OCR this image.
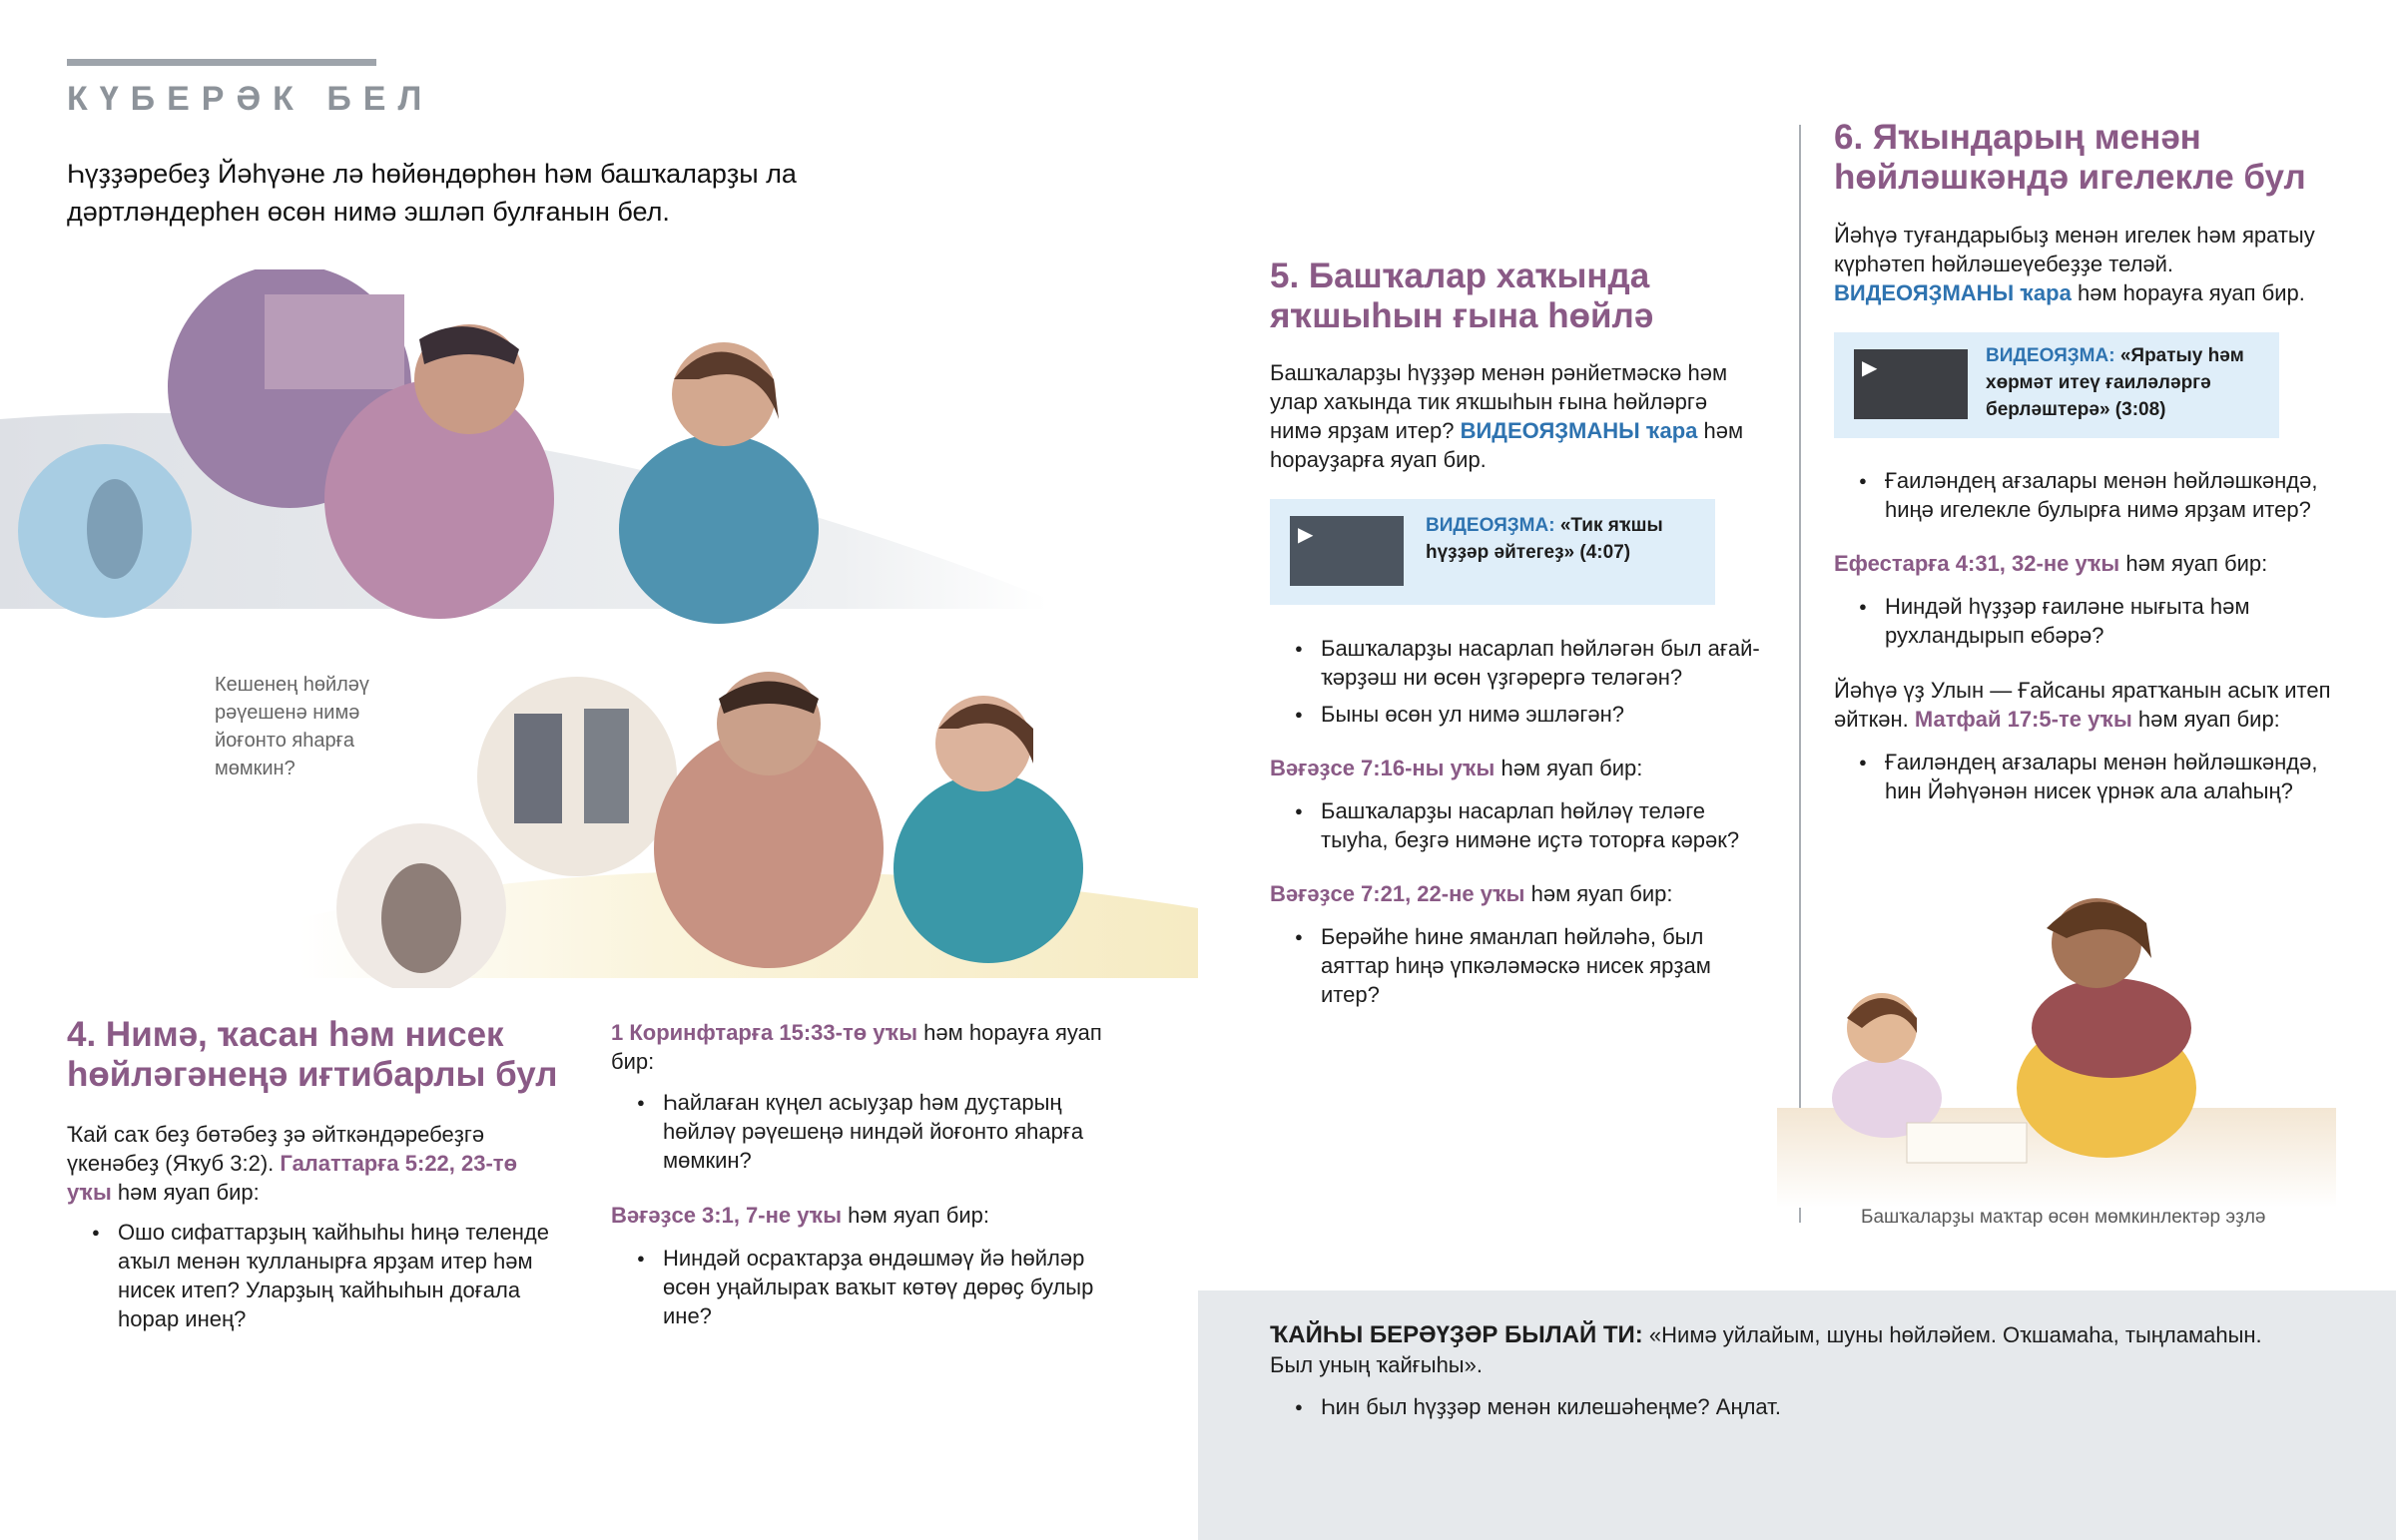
КҮБЕРӘК БЕЛ
Һүҙҙәребеҙ Йәһүәне лә һөйөндөрһөн һәм башҡаларҙы ла дәртләндерһен өсөн нимә эшләп булғанын бел.
Кешенең һөйләү рәүешенә нимә йоғонто яһарға мөмкин?
4. Нимә, ҡасан һәм нисек һөйләгәнеңә иғтибарлы бул
Ҡай саҡ беҙ бөтәбеҙ ҙә әйткәндәребеҙгә үкенәбеҙ (Яҡуб 3:2). Галаттарға 5:22, 23-тө уҡы һәм яуап бир:
● Ошо сифаттарҙың ҡайһыһы һиңә теленде аҡыл менән ҡулланырға ярҙам итер һәм нисек итеп? Уларҙың ҡайһыһын доғала һорар инең?
1 Коринфтарға 15:33-тө уҡы һәм һорауға яуап бир:
● Һайлаған күңел асыуҙар һәм дуҫтарың һөйләү рәүешеңә ниндәй йоғонто яһарға мөмкин?
Вәғәҙсе 3:1, 7-не уҡы һәм яуап бир:
● Ниндәй осраҡтарҙа өндәшмәү йә һөйләр өсөн уңайлыраҡ ваҡыт көтөү дөрөҫ булыр ине?
5. Башҡалар хаҡында яҡшыһын ғына һөйлә
Башҡаларҙы һүҙҙәр менән рәнйетмәскә һәм улар хаҡында тик яҡшыһын ғына һөйләргә нимә ярҙам итер? ВИДЕОЯҘМАНЫ ҡара һәм һорауҙарға яуап бир.
▶	ВИДЕОЯҘМА: «Тик яҡшы һүҙҙәр әйтегеҙ» (4:07)
● Башҡаларҙы насарлап һөйләгән был ағай-ҡәрҙәш ни өсөн үҙгәрергә теләгән?
● Быны өсөн ул нимә эшләгән?
Вәғәҙсе 7:16-ны уҡы һәм яуап бир:
● Башҡаларҙы насарлап һөйләү теләге тыуһа, беҙгә нимәне иҫтә тоторға кәрәк?
Вәғәҙсе 7:21, 22-не уҡы һәм яуап бир:
● Берәйһе һине яманлап һөйләһә, был аяттар һиңә үпкәләмәскә нисек ярҙам итер?
6. Яҡындарың менән һөйләшкәндә игелекле бул
Йәһүә туғандарыбыҙ менән игелек һәм яратыу күрһәтеп һөйләшеүебеҙҙе теләй. ВИДЕОЯҘМАНЫ ҡара һәм һорауға яуап бир.
▶
ВИДЕОЯҘМА: «Яратыу һәм хөрмәт итеү ғаиләләргә берләштерә» (3:08)
● Ғаиләндең ағзалары менән һөйләшкәндә, һиңә игелекле булырға нимә ярҙам итер?
Ефестарға 4:31, 32-не уҡы һәм яуап бир:
● Ниндәй һүҙҙәр ғаиләне нығыта һәм рухландырып ебәрә?
Йәһүә үҙ Улын — Ғайсаны яратҡанын асыҡ итеп әйткән. Матфай 17:5-те уҡы һәм яуап бир:
● Ғаиләндең ағзалары менән һөйләшкәндә, һин Йәһүәнән нисек үрнәк ала алаһың?
Башҡаларҙы маҡтар өсөн мөмкинлектәр эҙлә
ҠАЙҺЫ БЕРӘҮҘӘР БЫЛАЙ ТИ: «Нимә уйлайым, шуны һөйләйем. Оҡшамаһа, тыңламаһын. Был уның ҡайғыһы».
● Һин был һүҙҙәр менән килешәһеңме? Аңлат.
